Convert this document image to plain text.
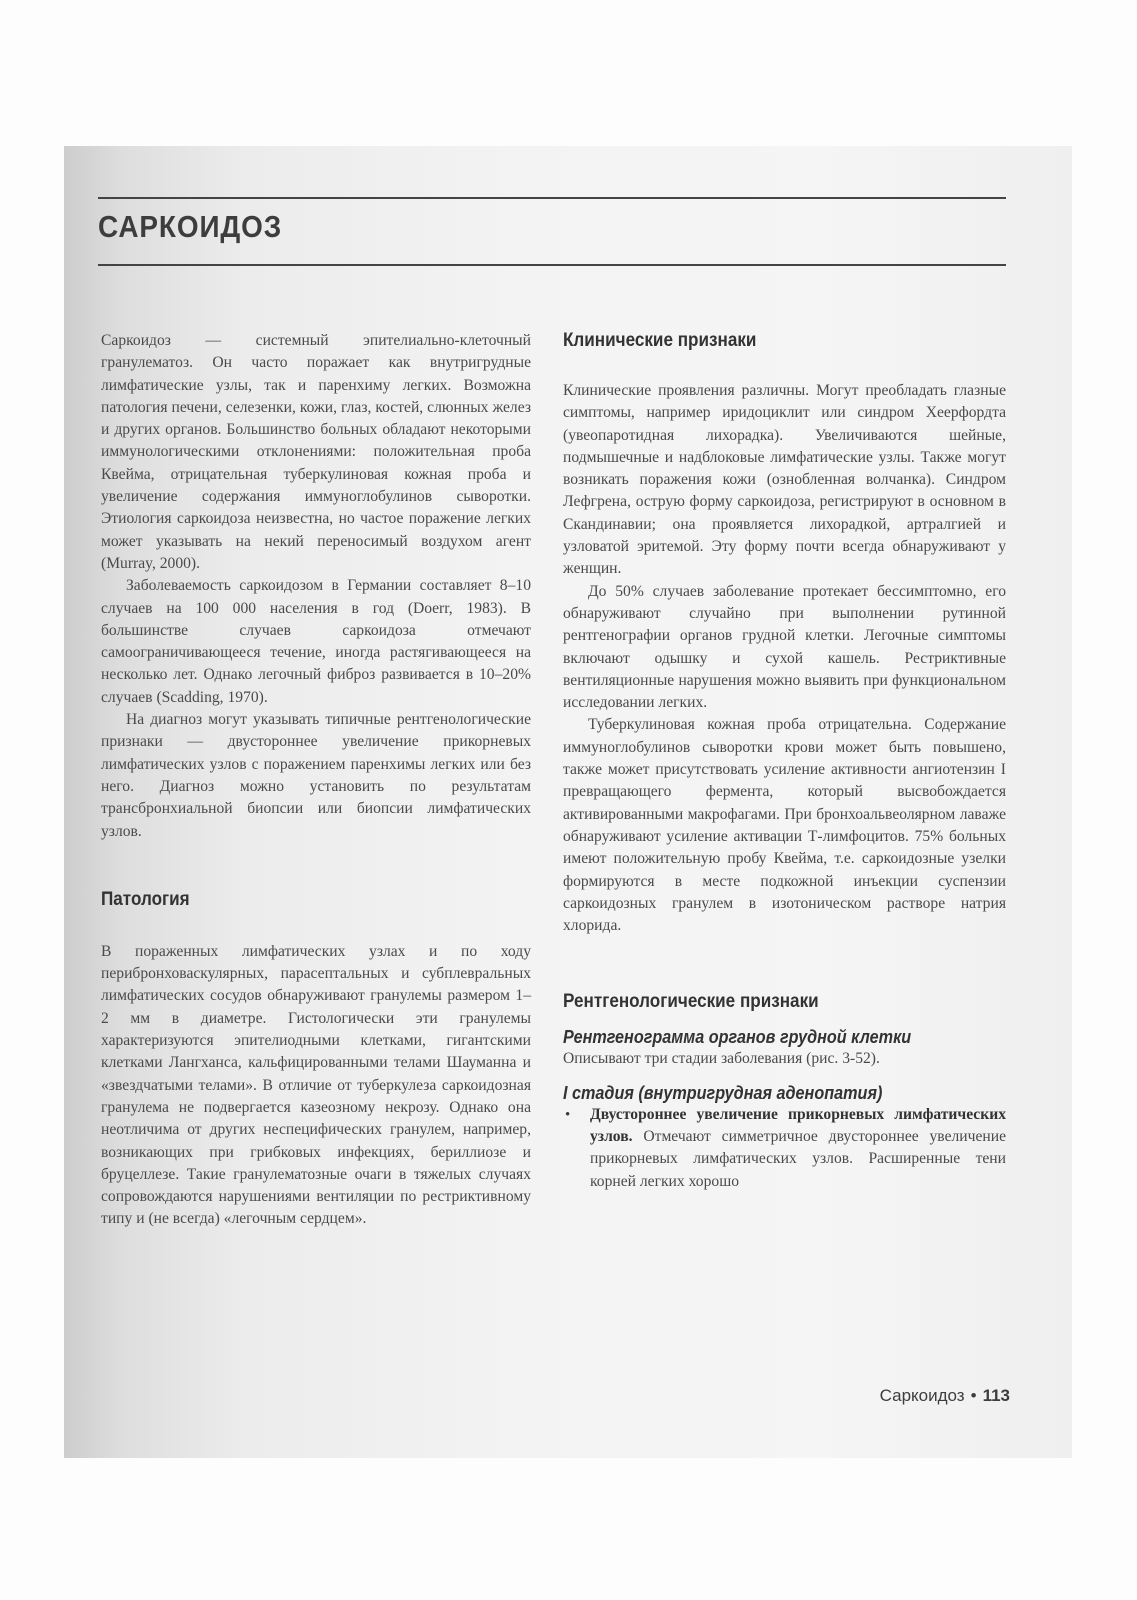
САРКОИДОЗ

Саркоидоз — системный эпителиально-клеточный гранулематоз. Он часто поражает как внутригрудные лимфатические узлы, так и паренхиму легких. Возможна патология печени, селезенки, кожи, глаз, костей, слюнных желез и других органов. Большинство больных обладают некоторыми иммунологическими отклонениями: положительная проба Квейма, отрицательная туберкулиновая кожная проба и увеличение содержания иммуноглобулинов сыворотки. Этиология саркоидоза неизвестна, но частое поражение легких может указывать на некий переносимый воздухом агент (Murray, 2000).

Заболеваемость саркоидозом в Германии составляет 8–10 случаев на 100 000 населения в год (Doerr, 1983). В большинстве случаев саркоидоза отмечают самоограничивающееся течение, иногда растягивающееся на несколько лет. Однако легочный фиброз развивается в 10–20% случаев (Scadding, 1970).

На диагноз могут указывать типичные рентгенологические признаки — двустороннее увеличение прикорневых лимфатических узлов с поражением паренхимы легких или без него. Диагноз можно установить по результатам трансбронхиальной биопсии или биопсии лимфатических узлов.

Патология

В пораженных лимфатических узлах и по ходу перибронховаскулярных, парасептальных и субплевральных лимфатических сосудов обнаруживают гранулемы размером 1–2 мм в диаметре. Гистологически эти гранулемы характеризуются эпителиодными клетками, гигантскими клетками Лангханса, кальфицированными телами Шауманна и «звездчатыми телами». В отличие от туберкулеза саркоидозная гранулема не подвергается казеозному некрозу. Однако она неотличима от других неспецифических гранулем, например, возникающих при грибковых инфекциях, бериллиозе и бруцеллезе. Такие гранулематозные очаги в тяжелых случаях сопровождаются нарушениями вентиляции по рестриктивному типу и (не всегда) «легочным сердцем».

Клинические признаки

Клинические проявления различны. Могут преобладать глазные симптомы, например иридоциклит или синдром Хеерфордта (увеопаротидная лихорадка). Увеличиваются шейные, подмышечные и надблоковые лимфатические узлы. Также могут возникать поражения кожи (ознобленная волчанка). Синдром Лефгрена, острую форму саркоидоза, регистрируют в основном в Скандинавии; она проявляется лихорадкой, артралгией и узловатой эритемой. Эту форму почти всегда обнаруживают у женщин.

До 50% случаев заболевание протекает бессимптомно, его обнаруживают случайно при выполнении рутинной рентгенографии органов грудной клетки. Легочные симптомы включают одышку и сухой кашель. Рестриктивные вентиляционные нарушения можно выявить при функциональном исследовании легких.

Туберкулиновая кожная проба отрицательна. Содержание иммуноглобулинов сыворотки крови может быть повышено, также может присутствовать усиление активности ангиотензин I превращающего фермента, который высвобождается активированными макрофагами. При бронхоальвеолярном лаваже обнаруживают усиление активации Т-лимфоцитов. 75% больных имеют положительную пробу Квейма, т.е. саркоидозные узелки формируются в месте подкожной инъекции суспензии саркоидозных гранулем в изотоническом растворе натрия хлорида.

Рентгенологические признаки
Рентгенограмма органов грудной клетки

Описывают три стадии заболевания (рис. 3-52).

I стадия (внутригрудная аденопатия)

• Двустороннее увеличение прикорневых лимфатических узлов. Отмечают симметричное двустороннее увеличение прикорневых лимфатических узлов. Расширенные тени корней легких хорошо

Саркоидоз • 113
